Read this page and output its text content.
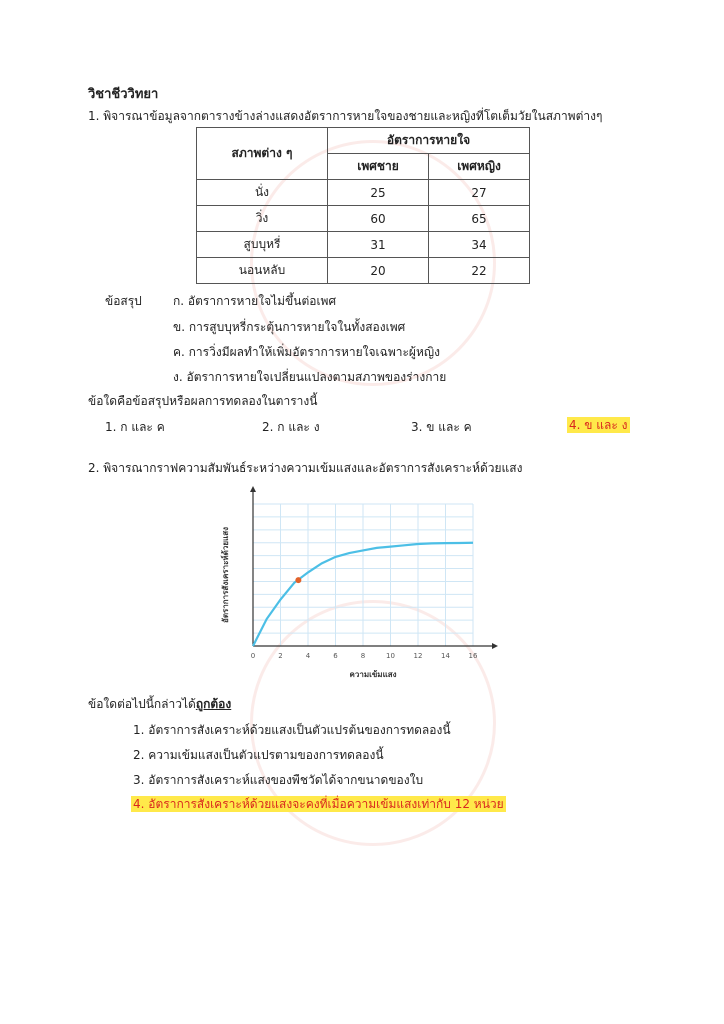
วิชาชีววิทยา
1. พิจารณาข้อมูลจากตารางข้างล่างแสดงอัตราการหายใจของชายและหญิงที่โตเต็มวัยในสภาพต่างๆ
สภาพต่าง ๆ	อัตราการหายใจ	
	เพศชาย	เพศหญิง
นั่ง	25	27
วิ่ง	60	65
สูบบุหรี่	31	34
นอนหลับ	20	22
ข้อสรุป	ก. อัตราการหายใจไม่ขึ้นต่อเพศ
ข. การสูบบุหรี่กระตุ้นการหายใจในทั้งสองเพศ
ค. การวิ่งมีผลทำให้เพิ่มอัตราการหายใจเฉพาะผู้หญิง
ง. อัตราการหายใจเปลี่ยนแปลงตามสภาพของร่างกาย
ข้อใดคือข้อสรุปหรือผลการทดลองในตารางนี้
1. ก และ ค	2. ก และ ง	3. ข และ ค	4. ข และ ง
2. พิจารณากราฟความสัมพันธ์ระหว่างความเข้มแสงและอัตราการสังเคราะห์ด้วยแสง
0	2	4	6	8	10	12	14	16
ความเข้มแสง
อัตราการสังเคราะห์ด้วยแสง
ข้อใดต่อไปนี้กล่าวได้ถูกต้อง
1. อัตราการสังเคราะห์ด้วยแสงเป็นตัวแปรต้นของการทดลองนี้
2. ความเข้มแสงเป็นตัวแปรตามของการทดลองนี้
3. อัตราการสังเคราะห์แสงของพืชวัดได้จากขนาดของใบ
4. อัตราการสังเคราะห์ด้วยแสงจะคงที่เมื่อความเข้มแสงเท่ากับ 12 หน่วย
